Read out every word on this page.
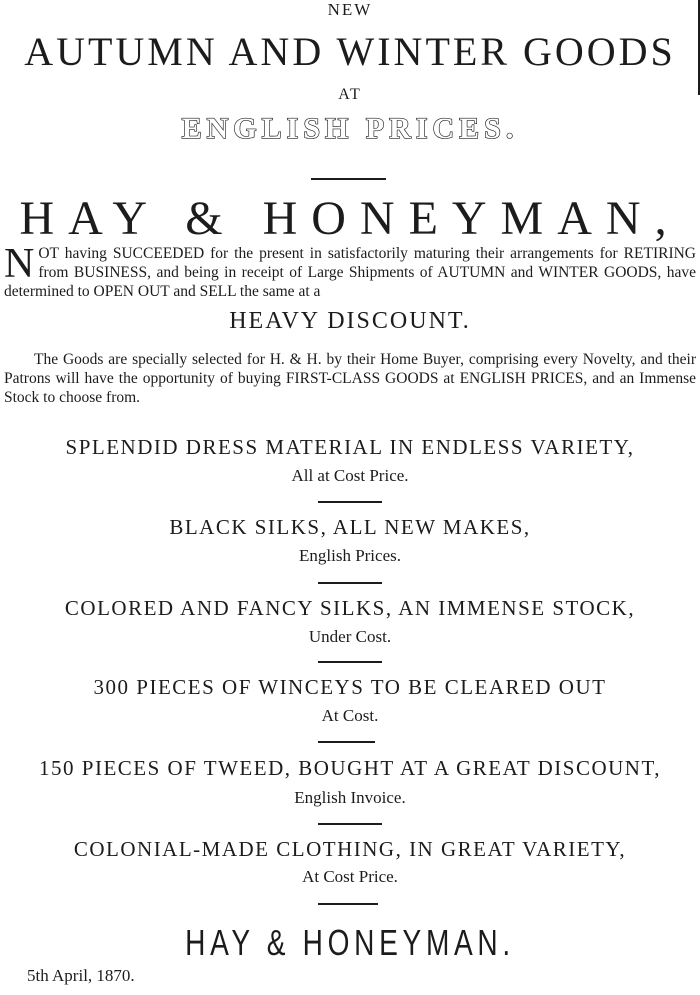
NEW
AUTUMN AND WINTER GOODS
AT
ENGLISH PRICES.
HAY & HONEYMAN,
NOT having SUCCEEDED for the present in satisfactorily maturing their arrangements for RETIRING from BUSINESS, and being in receipt of Large Shipments of AUTUMN and WINTER GOODS, have determined to OPEN OUT and SELL the same at a
HEAVY DISCOUNT.
The Goods are specially selected for H. & H. by their Home Buyer, comprising every Novelty, and their Patrons will have the opportunity of buying FIRST-CLASS GOODS at ENGLISH PRICES, and an Immense Stock to choose from.
SPLENDID DRESS MATERIAL IN ENDLESS VARIETY,
All at Cost Price.
BLACK SILKS, ALL NEW MAKES,
English Prices.
COLORED AND FANCY SILKS, AN IMMENSE STOCK,
Under Cost.
300 PIECES OF WINCEYS TO BE CLEARED OUT
At Cost.
150 PIECES OF TWEED, BOUGHT AT A GREAT DISCOUNT,
English Invoice.
COLONIAL-MADE CLOTHING, IN GREAT VARIETY,
At Cost Price.
HAY & HONEYMAN.
5th April, 1870.
